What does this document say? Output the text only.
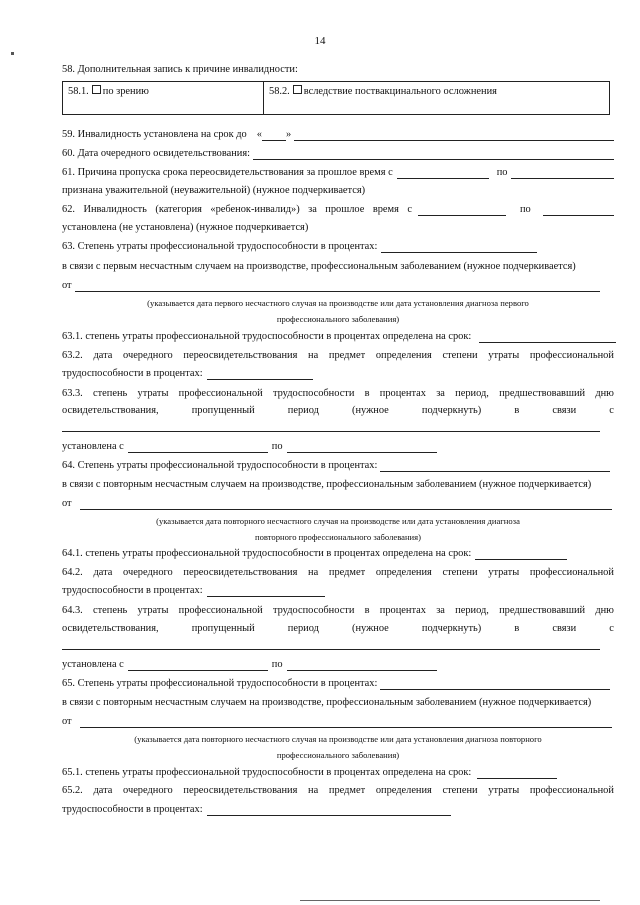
14
58. Дополнительная запись к причине инвалидности:
58.1. по зрению	58.2. вследствие поствакцинального осложнения
59. Инвалидность установлена на срок до « »
60. Дата очередного освидетельствования:
61. Причина пропуска срока переосвидетельствования за прошлое время с	по
признана уважительной (неуважительной) (нужное подчеркивается)
62. Инвалидность (категория «ребенок-инвалид») за прошлое время с	по
установлена (не установлена) (нужное подчеркивается)
63. Степень утраты профессиональной трудоспособности в процентах:
в связи с первым несчастным случаем на производстве, профессиональным заболеванием (нужное подчеркивается)
от
(указывается дата первого несчастного случая на производстве или дата установления диагноза первого
профессионального заболевания)
63.1. степень утраты профессиональной трудоспособности в процентах определена на срок:
63.2. дата очередного переосвидетельствования на предмет определения степени утраты профессиональной
трудоспособности в процентах:
63.3. степень утраты профессиональной трудоспособности в процентах за период, предшествовавший дню
освидетельствования,	пропущенный	период	(нужное	подчеркнуть)	в	связи	с
установлена с	по
64. Степень утраты профессиональной трудоспособности в процентах:
в связи с повторным несчастным случаем на производстве, профессиональным заболеванием (нужное подчеркивается)
от
(указывается дата повторного несчастного случая на производстве или дата установления диагноза
повторного профессионального заболевания)
64.1. степень утраты профессиональной трудоспособности в процентах определена на срок:
64.2. дата очередного переосвидетельствования на предмет определения степени утраты профессиональной
трудоспособности в процентах:
64.3. степень утраты профессиональной трудоспособности в процентах за период, предшествовавший дню
освидетельствования,	пропущенный	период	(нужное	подчеркнуть)	в	связи	с
установлена с	по
65. Степень утраты профессиональной трудоспособности в процентах:
в связи с повторным несчастным случаем на производстве, профессиональным заболеванием (нужное подчеркивается)
от
(указывается дата повторного несчастного случая на производстве или дата установления диагноза повторного
профессионального заболевания)
65.1. степень утраты профессиональной трудоспособности в процентах определена на срок:
65.2. дата очередного переосвидетельствования на предмет определения степени утраты профессиональной
трудоспособности в процентах:
